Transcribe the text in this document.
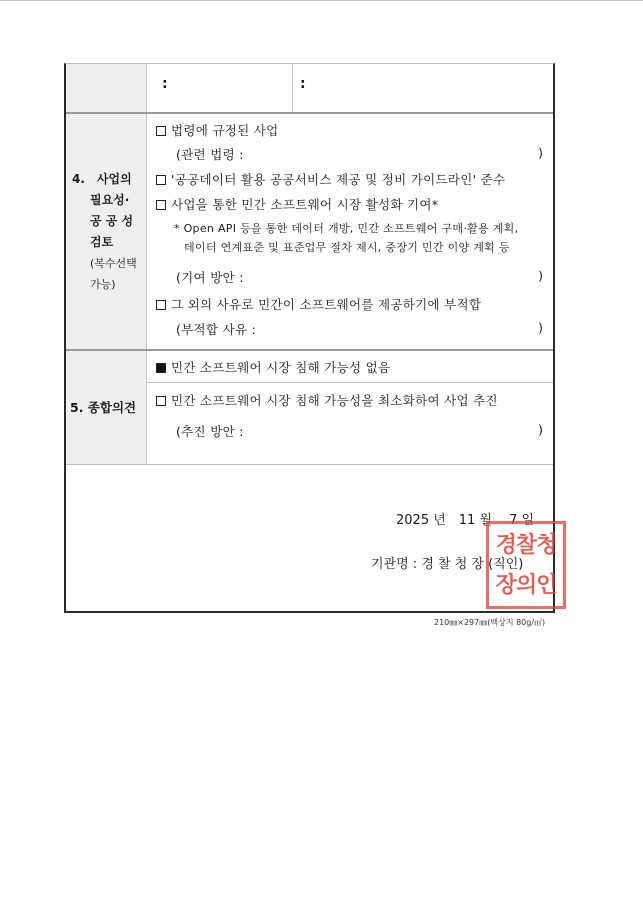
:	:
4.　사업의
필요성·
공 공 성
검토
(복수선택
가능)
법령에 규정된 사업
(관련 법령 :	)
'공공데이터 활용 공공서비스 제공 및 정비 가이드라인' 준수
사업을 통한 민간 소프트웨어 시장 활성화 기여*
* Open API 등을 통한 데이터 개방, 민간 소프트웨어 구매·활용 계획,
데이터 연계표준 및 표준업무 절차 제시, 중장기 민간 이양 계획 등
(기여 방안 :	)
그 외의 사유로 민간이 소프트웨어를 제공하기에 부적합
(부적합 사유 :	)
5. 종합의견
민간 소프트웨어 시장 침해 가능성 없음
민간 소프트웨어 시장 침해 가능성을 최소화하여 사업 추진
(추진 방안 :	)
2025 년　11 월　 7 일
기관명 : 경 찰 청 장 (직인)
경찰청
장의인
210㎜×297㎜(백상지 80g/㎡)
